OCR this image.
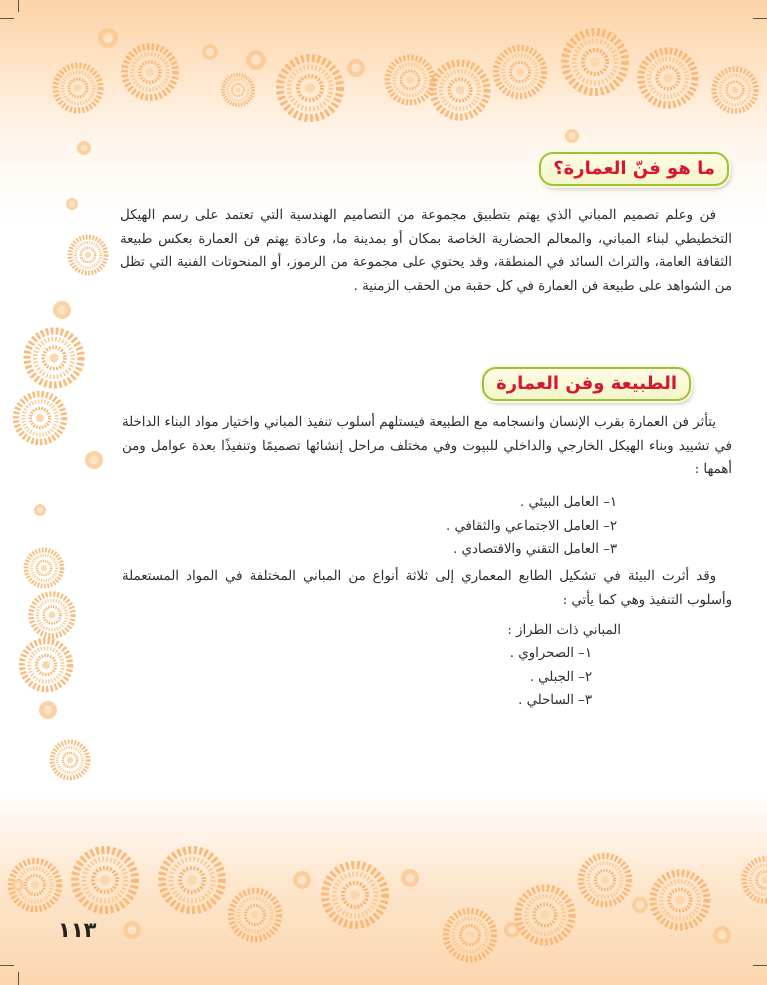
ما هو فنّ العمارة؟

فن وعلم تصميم المباني الذي يهتم بتطبيق مجموعة من التصاميم الهندسية التي تعتمد على رسم الهيكل التخطيطي لبناء المباني، والمعالم الحضارية الخاصة بمكان أو بمدينة ما، وعادة يهتم فن العمارة بعكس طبيعة الثقافة العامة، والتراث السائد في المنطقة، وقد يحتوي على مجموعة من الرموز، أو المنحوتات الفنية التي تظل من الشواهد على طبيعة فن العمارة في كل حقبة من الحقب الزمنية .

الطبيعة وفن العمارة

يتأثر فن العمارة بقرب الإنسان وانسجامه مع الطبيعة فيستلهم أسلوب تنفيذ المباني واختيار مواد البناء الداخلة في تشييد وبناء الهيكل الخارجي والداخلي للبيوت وفي مختلف مراحل إنشائها تصميمًا وتنفيذًا بعدة عوامل ومن أهمها :

١– العامل البيئي .
٢– العامل الاجتماعي والثقافي .
٣– العامل التقني والاقتصادي .

وقد أثرت البيئة في تشكيل الطابع المعماري إلى ثلاثة أنواع من المباني المختلفة في المواد المستعملة وأسلوب التنفيذ وهي كما يأتي :

المباني ذات الطراز :
١– الصحراوي .
٢– الجبلي .
٣– الساحلي .
١١٣
